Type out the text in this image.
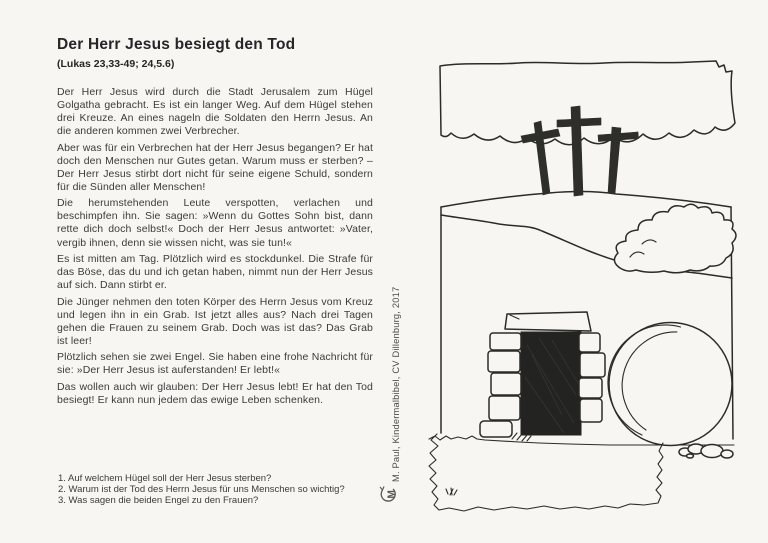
Der Herr Jesus besiegt den Tod
(Lukas 23,33-49; 24,5.6)

Der Herr Jesus wird durch die Stadt Jerusalem zum Hügel Golgatha gebracht. Es ist ein langer Weg. Auf dem Hügel stehen drei Kreuze. An eines nageln die Soldaten den Herrn Jesus. An die anderen kommen zwei Verbrecher.

Aber was für ein Verbrechen hat der Herr Jesus begangen? Er hat doch den Menschen nur Gutes getan. Warum muss er sterben? – Der Herr Jesus stirbt dort nicht für seine eigene Schuld, sondern für die Sünden aller Menschen!

Die herumstehenden Leute verspotten, verlachen und beschimpfen ihn. Sie sagen: »Wenn du Gottes Sohn bist, dann rette dich doch selbst!« Doch der Herr Jesus antwortet: »Vater, vergib ihnen, denn sie wissen nicht, was sie tun!«

Es ist mitten am Tag. Plötzlich wird es stockdunkel. Die Strafe für das Böse, das du und ich getan haben, nimmt nun der Herr Jesus auf sich. Dann stirbt er.

Die Jünger nehmen den toten Körper des Herrn Jesus vom Kreuz und legen ihn in ein Grab. Ist jetzt alles aus? Nach drei Tagen gehen die Frauen zu seinem Grab. Doch was ist das? Das Grab ist leer!

Plötzlich sehen sie zwei Engel. Sie haben eine frohe Nachricht für sie: »Der Herr Jesus ist auferstanden! Er lebt!«

Das wollen auch wir glauben: Der Herr Jesus lebt! Er hat den Tod besiegt! Er kann nun jedem das ewige Leben schenken.

1. Auf welchem Hügel soll der Herr Jesus sterben?
2. Warum ist der Tod des Herrn Jesus für uns Menschen so wichtig?
3. Was sagen die beiden Engel zu den Frauen?
M. Paul, Kindermalbibel, CV Dillenburg, 2017
M
